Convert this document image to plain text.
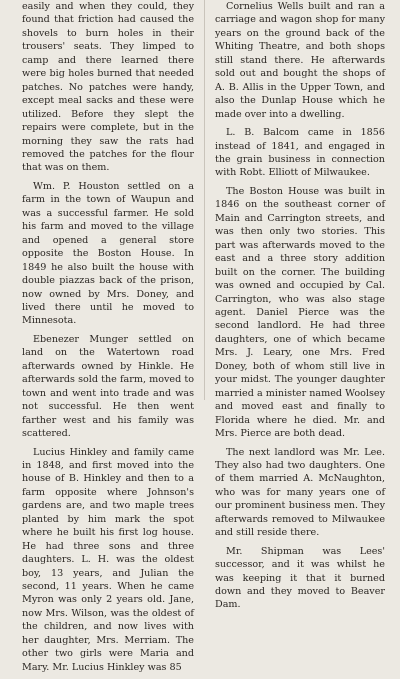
easily and when they could, they found that friction had caused the shovels to burn holes in their trousers' seats. They limped to camp and there learned there were big holes burned that needed patches. No patches were handy, except meal sacks and these were utilized. Before they slept the repairs were complete, but in the morning they saw the rats had removed the patches for the flour that was on them.

Wm. P. Houston settled on a farm in the town of Waupun and was a successful farmer. He sold his farm and moved to the village and opened a general store opposite the Boston House. In 1849 he also built the house with double piazzas back of the prison, now owned by Mrs. Doney, and lived there until he moved to Minnesota.

Ebenezer Munger settled on land on the Watertown road afterwards owned by Hinkle. He afterwards sold the farm, moved to town and went into trade and was not successful. He then went farther west and his family was scattered.

Lucius Hinkley and family came in 1848, and first moved into the house of B. Hinkley and then to a farm opposite where Johnson's gardens are, and two maple trees planted by him mark the spot where he built his first log house. He had three sons and three daughters. L. H. was the oldest boy, 13 years, and Julian the second, 11 years. When he came Myron was only 2 years old. Jane, now Mrs. Wilson, was the oldest of the children, and now lives with her daughter, Mrs. Merriam. The other two girls were Maria and Mary. Mr. Lucius Hinkley was 85

Cornelius Wells built and ran a carriage and wagon shop for many years on the ground back of the Whiting Theatre, and both shops still stand there. He afterwards sold out and bought the shops of A. B. Allis in the Upper Town, and also the Dunlap House which he made over into a dwelling.

L. B. Balcom came in 1856 instead of 1841, and engaged in the grain business in connection with Robt. Elliott of Milwaukee.

The Boston House was built in 1846 on the southeast corner of Main and Carrington streets, and was then only two stories. This part was afterwards moved to the east and a three story addition built on the corner. The building was owned and occupied by Cal. Carrington, who was also stage agent. Daniel Pierce was the second landlord. He had three daughters, one of which became Mrs. J. Leary, one Mrs. Fred Doney, both of whom still live in your midst. The younger daughter married a minister named Woolsey and moved east and finally to Florida where he died. Mr. and Mrs. Pierce are both dead.

The next landlord was Mr. Lee. They also had two daughters. One of them married A. McNaughton, who was for many years one of our prominent business men. They afterwards removed to Milwaukee and still reside there.

Mr. Shipman was Lees' successor, and it was whilst he was keeping it that it burned down and they moved to Beaver Dam.
